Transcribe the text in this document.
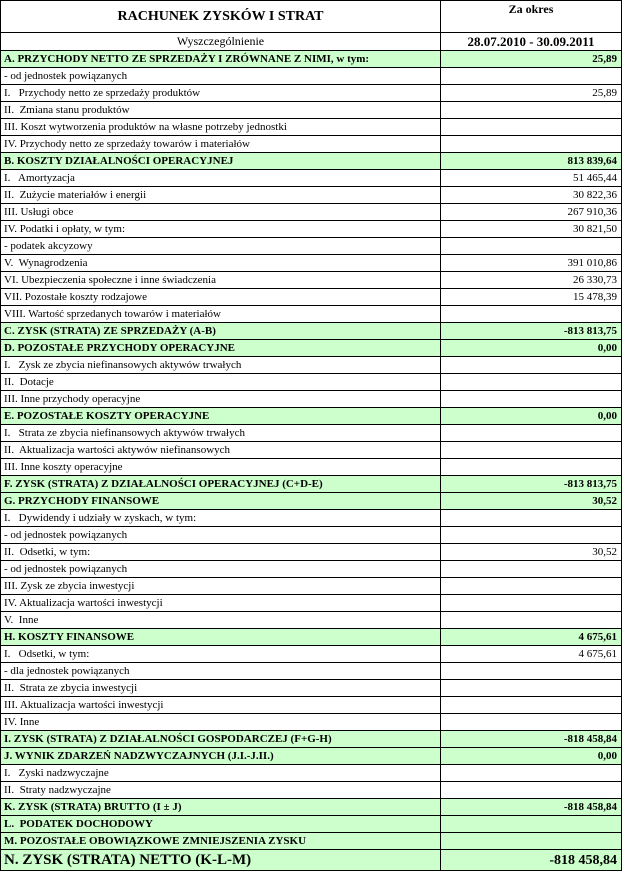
RACHUNEK ZYSKÓW I STRAT	Za okres
Wyszczególnienie	28.07.2010 - 30.09.2011
A. PRZYCHODY NETTO ZE SPRZEDAŻY I ZRÓWNANE Z NIMI, w tym:	25,89
- od jednostek powiązanych	
I.   Przychody netto ze sprzedaży produktów	25,89
II.  Zmiana stanu produktów	
III. Koszt wytworzenia produktów na własne potrzeby jednostki	
IV. Przychody netto ze sprzedaży towarów i materiałów	
B. KOSZTY DZIAŁALNOŚCI OPERACYJNEJ	813 839,64
I.   Amortyzacja	51 465,44
II.  Zużycie materiałów i energii	30 822,36
III. Usługi obce	267 910,36
IV. Podatki i opłaty, w tym:	30 821,50
- podatek akcyzowy	
V.  Wynagrodzenia	391 010,86
VI. Ubezpieczenia społeczne i inne świadczenia	26 330,73
VII. Pozostałe koszty rodzajowe	15 478,39
VIII. Wartość sprzedanych towarów i materiałów	
C. ZYSK (STRATA) ZE SPRZEDAŻY (A-B)	-813 813,75
D. POZOSTAŁE PRZYCHODY OPERACYJNE	0,00
I.   Zysk ze zbycia niefinansowych aktywów trwałych	
II.  Dotacje	
III. Inne przychody operacyjne	
E. POZOSTAŁE KOSZTY OPERACYJNE	0,00
I.   Strata ze zbycia niefinansowych aktywów trwałych	
II.  Aktualizacja wartości aktywów niefinansowych	
III. Inne koszty operacyjne	
F. ZYSK (STRATA) Z DZIAŁALNOŚCI OPERACYJNEJ (C+D-E)	-813 813,75
G. PRZYCHODY FINANSOWE	30,52
I.   Dywidendy i udziały w zyskach, w tym:	
- od jednostek powiązanych	
II.  Odsetki, w tym:	30,52
- od jednostek powiązanych	
III. Zysk ze zbycia inwestycji	
IV. Aktualizacja wartości inwestycji	
V.  Inne	
H. KOSZTY FINANSOWE	4 675,61
I.   Odsetki, w tym:	4 675,61
- dla jednostek powiązanych	
II.  Strata ze zbycia inwestycji	
III. Aktualizacja wartości inwestycji	
IV. Inne	
I. ZYSK (STRATA) Z DZIAŁALNOŚCI GOSPODARCZEJ (F+G-H)	-818 458,84
J. WYNIK ZDARZEŃ NADZWYCZAJNYCH (J.I.-J.II.)	0,00
I.   Zyski nadzwyczajne	
II.  Straty nadzwyczajne	
K. ZYSK (STRATA) BRUTTO (I ± J)	-818 458,84
L.  PODATEK DOCHODOWY	
M. POZOSTAŁE OBOWIĄZKOWE ZMNIEJSZENIA ZYSKU	
N. ZYSK (STRATA) NETTO (K-L-M)	-818 458,84
